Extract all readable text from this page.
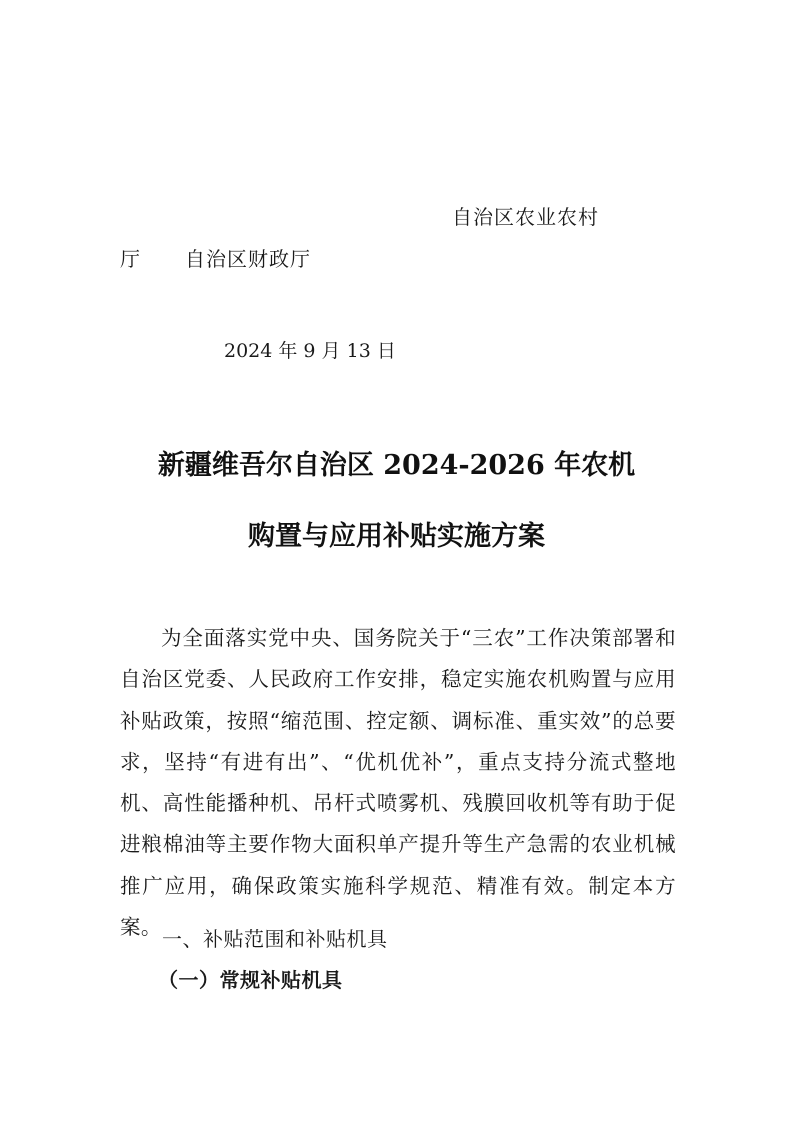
自治区农业农村
厅 自治区财政厅
2024 年 9 月 13 日
新疆维吾尔自治区 2024-2026 年农机
购置与应用补贴实施方案

为全面落实党中央、国务院关于“三农”工作决策部署和自治区党委、人民政府工作安排，稳定实施农机购置与应用补贴政策，按照“缩范围、控定额、调标准、重实效”的总要求，坚持“有进有出”、“优机优补”，重点支持分流式整地机、高性能播种机、吊杆式喷雾机、残膜回收机等有助于促进粮棉油等主要作物大面积单产提升等生产急需的农业机械推广应用，确保政策实施科学规范、精准有效。制定本方案。 一、补贴范围和补贴机具
（一）常规补贴机具
